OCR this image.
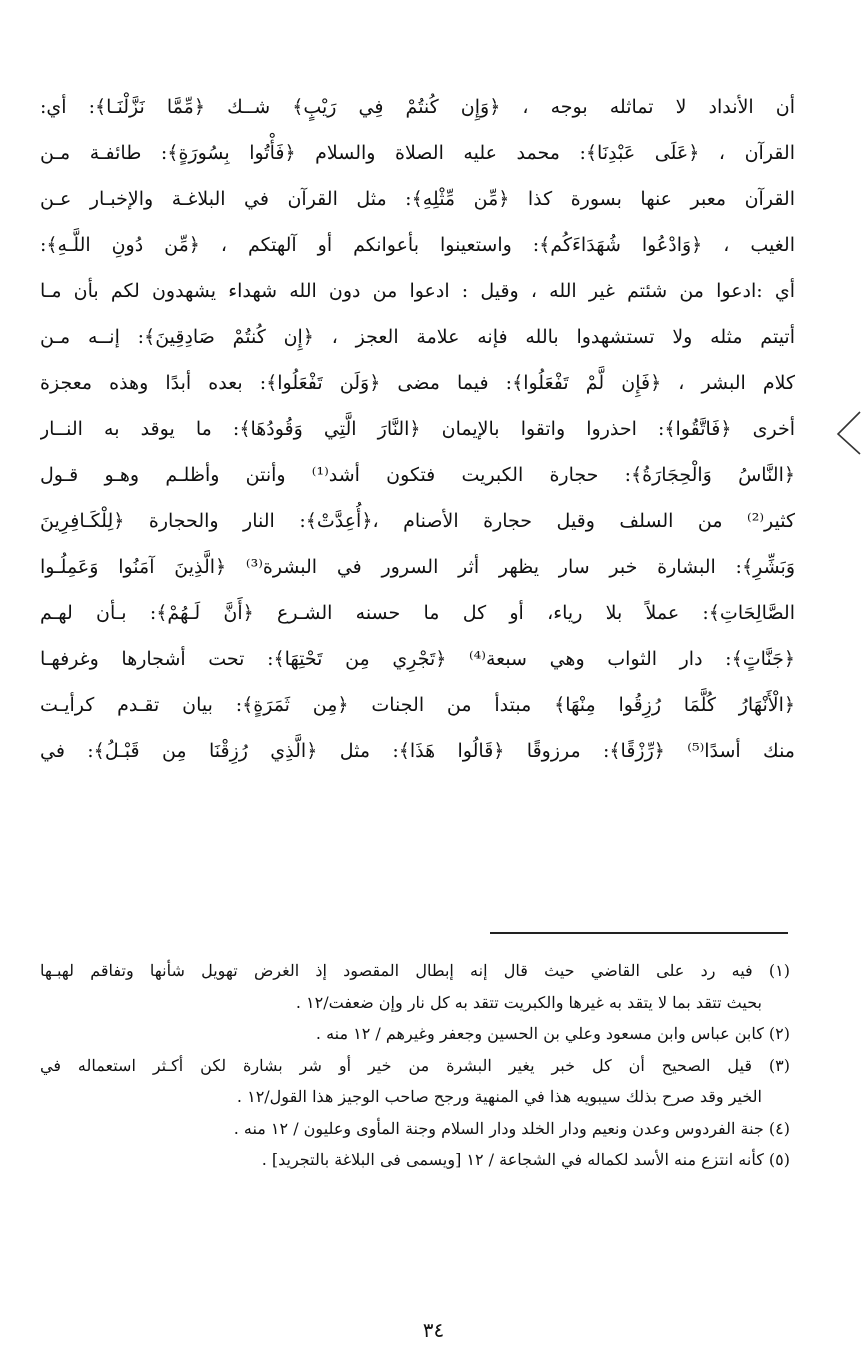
أن الأنداد لا تماثله بوجه ، ﴿وَإِن كُنتُمْ فِي رَيْبٍ﴾ شــك ﴿مِّمَّا نَزَّلْنَـا﴾: أي:
القرآن ، ﴿عَلَى عَبْدِنَا﴾: محمد عليه الصلاة والسلام ﴿فَأْتُوا بِسُورَةٍ﴾: طائفـة مـن
القرآن معبر عنها بسورة كذا ﴿مِّن مِّثْلِهِ﴾: مثل القرآن في البلاغـة والإخبـار عـن
الغيب ، ﴿وَادْعُوا شُهَدَاءَكُم﴾: واستعينوا بأعوانكم أو آلهتكم ، ﴿مِّن دُونِ اللَّـهِ﴾:
أي :ادعوا من شئتم غير الله ، وقيل : ادعوا من دون الله شهداء يشهدون لكم بأن مـا
أتيتم مثله ولا تستشهدوا بالله فإنه علامة العجز ، ﴿إِن كُنتُمْ صَادِقِينَ﴾: إنــه مـن
كلام البشر ، ﴿فَإِن لَّمْ تَفْعَلُوا﴾: فيما مضى ﴿وَلَن تَفْعَلُوا﴾: بعده أبدًا وهذه معجزة
أخرى ﴿فَاتَّقُوا﴾: احذروا واتقوا بالإيمان ﴿النَّارَ الَّتِي وَقُودُهَا﴾: ما يوقد به النــار
﴿النَّاسُ وَالْحِجَارَةُ﴾: حجارة الكبريت فتكون أشد⁽¹⁾ وأنتن وأظلـم وهـو قـول
كثير⁽²⁾ من السلف وقيل حجارة الأصنام ،﴿أُعِدَّتْ﴾: النار والحجارة ﴿لِلْكَـافِرِينَ
وَبَشِّرِ﴾: البشارة خبر سار يظهر أثر السرور في البشرة⁽³⁾ ﴿الَّذِينَ آمَنُوا وَعَمِلُـوا
الصَّالِحَاتِ﴾: عملاً بلا رياء، أو كل ما حسنه الشـرع ﴿أَنَّ لَـهُمْ﴾: بـأن لهـم
﴿جَنَّاتٍ﴾: دار الثواب وهي سبعة⁽⁴⁾ ﴿تَجْرِي مِن تَحْتِهَا﴾: تحت أشجارها وغرفهـا
﴿الْأَنْهَارُ كُلَّمَا رُزِقُوا مِنْهَا﴾ مبتدأ من الجنات ﴿مِن ثَمَرَةٍ﴾: بيان تقـدم كرأيـت
منك أسدًا⁽⁵⁾ ﴿رِّزْقًا﴾: مرزوقًا ﴿قَالُوا هَذَا﴾: مثل ﴿الَّذِي رُزِقْنَا مِن قَبْـلُ﴾: في
(١) فيه رد على القاضي حيث قال إنه إبطال المقصود إذ الغرض تهويل شأنها وتفاقم لهبـها
بحيث تتقد بما لا يتقد به غيرها والكبريت تتقد به كل نار وإن ضعفت/١٢ .
(٢) كابن عباس وابن مسعود وعلي بن الحسين وجعفر وغيرهم / ١٢ منه .
(٣) قيل الصحيح أن كل خبر يغير البشرة من خير أو شر بشارة لكن أكـثر استعماله في
الخير وقد صرح بذلك سيبويه هذا في المنهية ورجح صاحب الوجيز هذا القول/١٢ .
(٤) جنة الفردوس وعدن ونعيم ودار الخلد ودار السلام وجنة المأوى وعليون / ١٢ منه .
(٥) كأنه انتزع منه الأسد لكماله في الشجاعة / ١٢ [ويسمى فى البلاغة بالتجريد] .
٣٤
